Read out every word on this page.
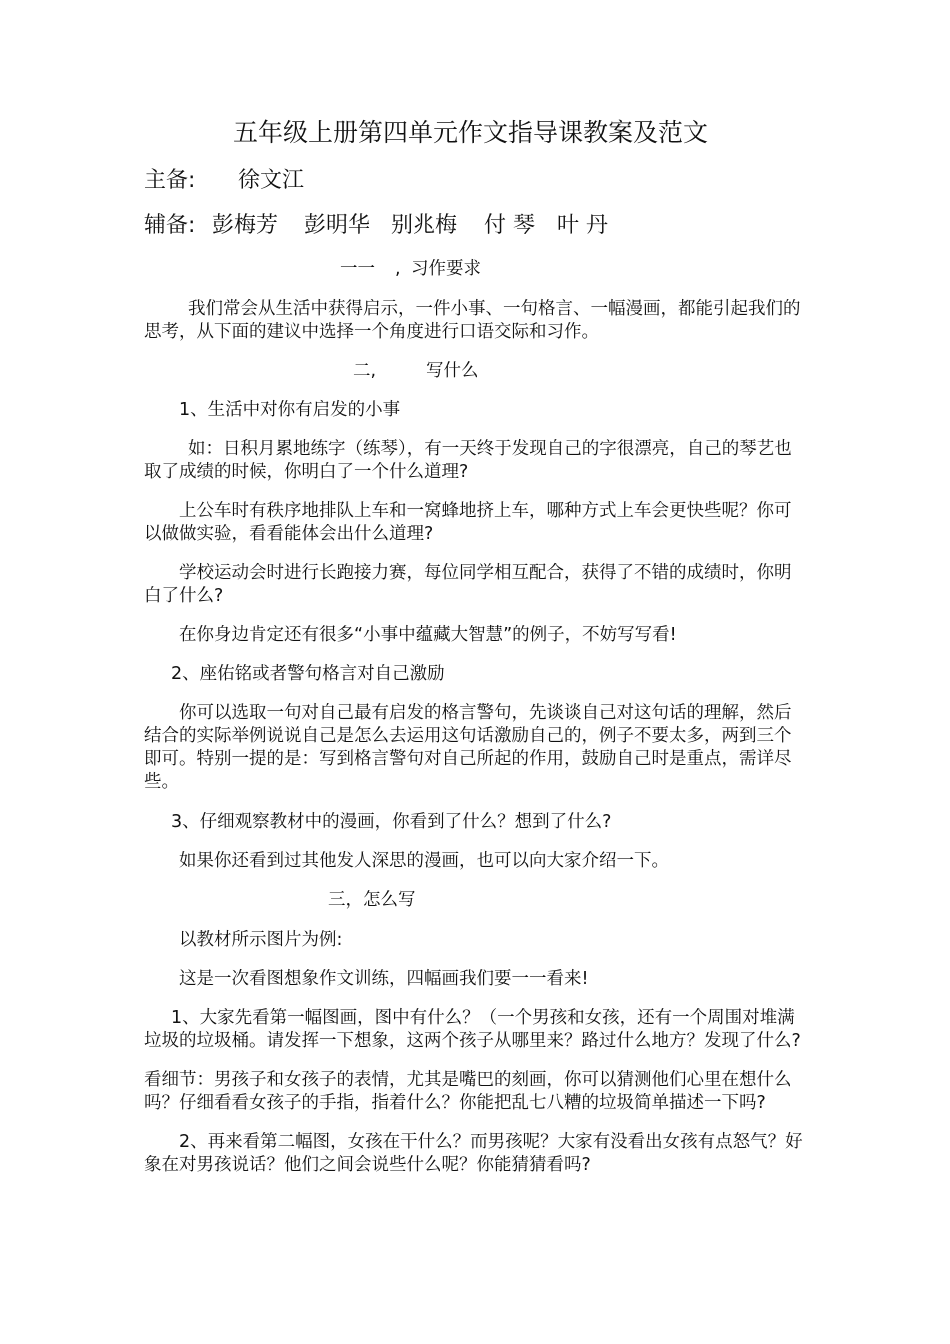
五年级上册第四单元作文指导课教案及范文
主备: 徐文江
辅备: 彭梅芳 彭明华 别兆梅 付 琴 叶 丹
一一 , 习作要求
我们常会从生活中获得启示，一件小事、一句格言、一幅漫画，都能引起我们的
思考，从下面的建议中选择一个角度进行口语交际和习作。
二,	写什么
1、生活中对你有启发的小事
如：日积月累地练字（练琴），有一天终于发现自己的字很漂亮，自己的琴艺也
取了成绩的时候，你明白了一个什么道理?
上公车时有秩序地排队上车和一窝蜂地挤上车，哪种方式上车会更快些呢？你可
以做做实验，看看能体会出什么道理?
学校运动会时进行长跑接力赛，每位同学相互配合，获得了不错的成绩时，你明
白了什么?
在你身边肯定还有很多“小事中蕴藏大智慧”的例子，不妨写写看!
2、座佑铭或者警句格言对自己激励
你可以选取一句对自己最有启发的格言警句，先谈谈自己对这句话的理解，然后
结合的实际举例说说自己是怎么去运用这句话激励自己的，例子不要太多，两到三个
即可。特别一提的是：写到格言警句对自己所起的作用，鼓励自己时是重点，需详尽
些。
3、仔细观察教材中的漫画，你看到了什么？想到了什么?
如果你还看到过其他发人深思的漫画，也可以向大家介绍一下。
三，怎么写
以教材所示图片为例:
这是一次看图想象作文训练，四幅画我们要一一看来!
1、大家先看第一幅图画，图中有什么？（一个男孩和女孩，还有一个周围对堆满
垃圾的垃圾桶。请发挥一下想象，这两个孩子从哪里来？路过什么地方？发现了什么?
看细节：男孩子和女孩子的表情，尤其是嘴巴的刻画，你可以猜测他们心里在想什么
吗？仔细看看女孩子的手指，指着什么？你能把乱七八糟的垃圾简单描述一下吗?
2、再来看第二幅图，女孩在干什么？而男孩呢？大家有没看出女孩有点怒气？好
象在对男孩说话？他们之间会说些什么呢？你能猜猜看吗?
